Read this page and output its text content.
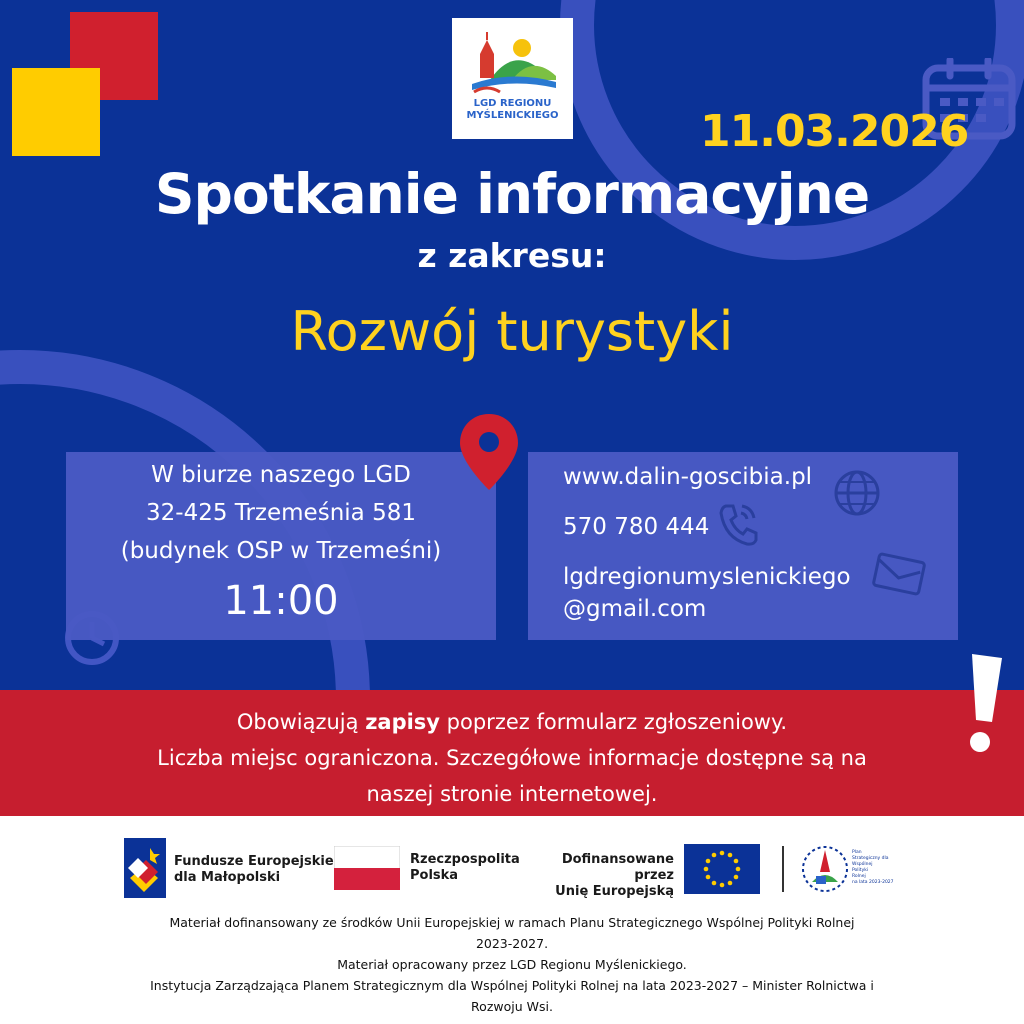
LGD REGIONU
MYŚLENICKIEGO	11.03.2026
Spotkanie informacyjne
z zakresu:
Rozwój turystyki
W biurze naszego LGD
32-425 Trzemeśnia 581
(budynek OSP w Trzemeśni)
11:00
www.dalin-goscibia.pl
570 780 444
lgdregionumyslenickiego
@gmail.com
Obowiązują zapisy poprzez formularz zgłoszeniowy.
Liczba miejsc ograniczona. Szczegółowe informacje dostępne są na
naszej stronie internetowej.
Fundusze Europejskie
dla Małopolski
Rzeczpospolita
Polska
Dofinansowane przez
Unię Europejską
Plan
Strategiczny dla
Wspólnej
Polityki
Rolnej
na lata 2023-2027
Materiał dofinansowany ze środków Unii Europejskiej w ramach Planu Strategicznego Wspólnej Polityki Rolnej
2023-2027.
Materiał opracowany przez LGD Regionu Myślenickiego.
Instytucja Zarządzająca Planem Strategicznym dla Wspólnej Polityki Rolnej na lata 2023-2027 – Minister Rolnictwa i
Rozwoju Wsi.
